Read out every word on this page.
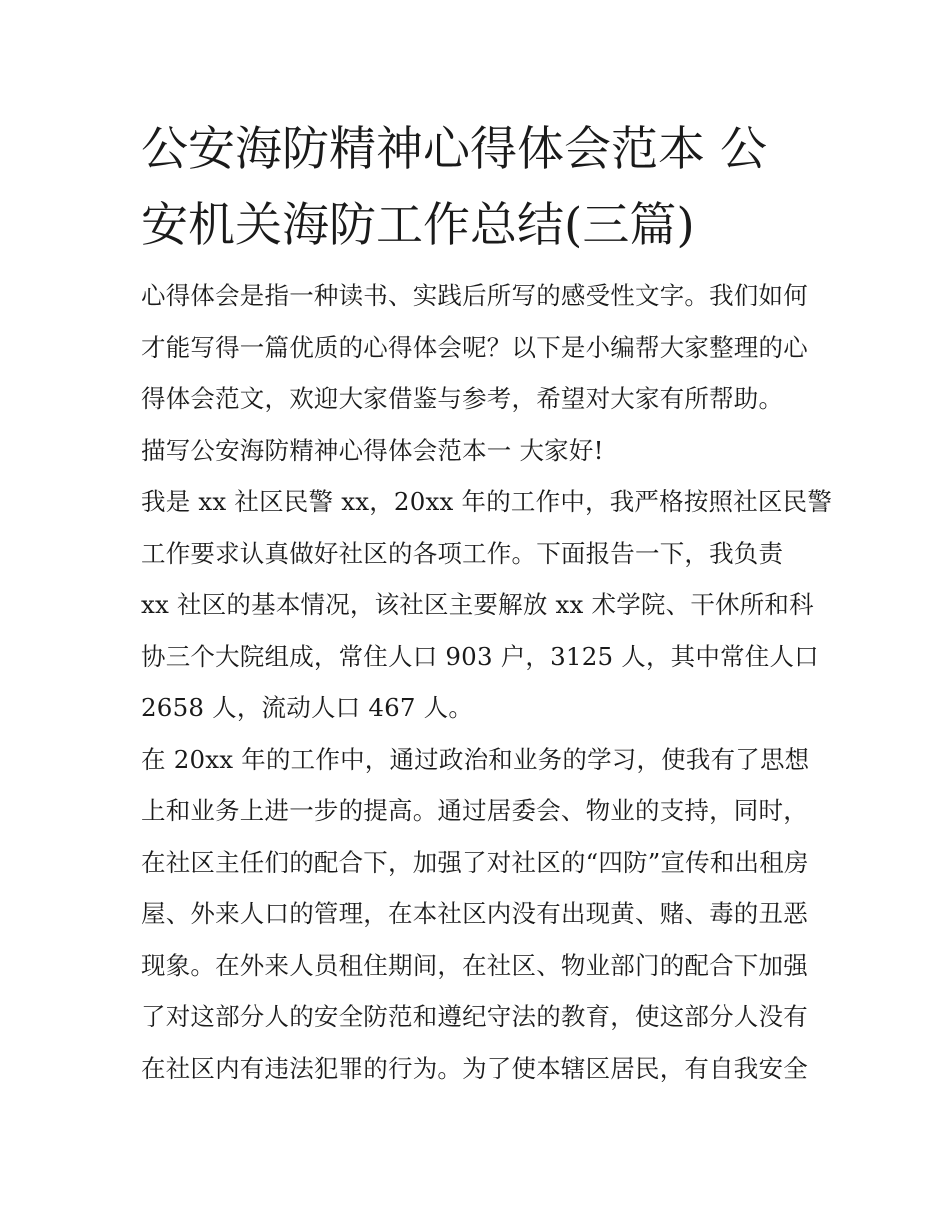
公安海防精神心得体会范本 公
安机关海防工作总结(三篇)
心得体会是指一种读书、实践后所写的感受性文字。我们如何
才能写得一篇优质的心得体会呢？以下是小编帮大家整理的心
得体会范文，欢迎大家借鉴与参考，希望对大家有所帮助。
描写公安海防精神心得体会范本一 大家好!
我是 xx 社区民警 xx，20xx 年的工作中，我严格按照社区民警
工作要求认真做好社区的各项工作。下面报告一下，我负责
xx 社区的基本情况，该社区主要解放 xx 术学院、干休所和科
协三个大院组成，常住人口 903 户，3125 人，其中常住人口
2658 人，流动人口 467 人。
在 20xx 年的工作中，通过政治和业务的学习，使我有了思想
上和业务上进一步的提高。通过居委会、物业的支持，同时，
在社区主任们的配合下，加强了对社区的“四防”宣传和出租房
屋、外来人口的管理，在本社区内没有出现黄、赌、毒的丑恶
现象。在外来人员租住期间，在社区、物业部门的配合下加强
了对这部分人的安全防范和遵纪守法的教育，使这部分人没有
在社区内有违法犯罪的行为。为了使本辖区居民，有自我安全
